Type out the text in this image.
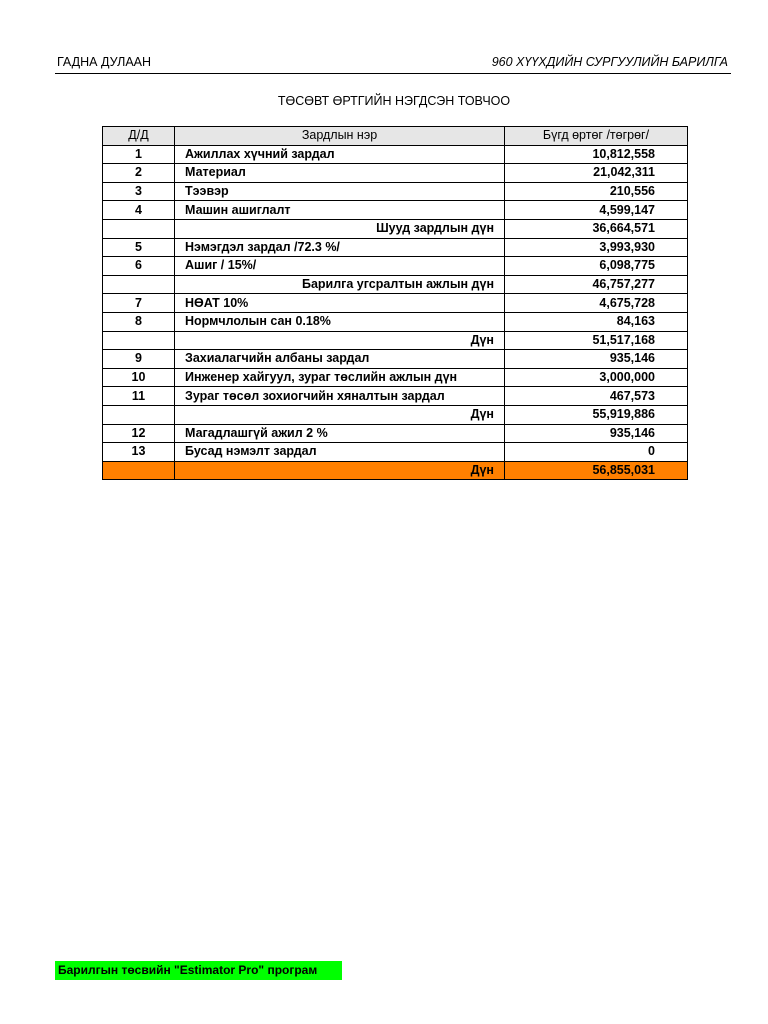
ГАДНА ДУЛААН	960 ХҮҮХДИЙН СУРГУУЛИЙН БАРИЛГА
ТӨСӨВТ ӨРТГИЙН НЭГДСЭН ТОВЧОО
Д/Д	Зардлын нэр	Бүгд өртөг /төгрөг/
1	Ажиллах хүчний зардал	10,812,558
2	Материал	21,042,311
3	Тээвэр	210,556
4	Машин ашиглалт	4,599,147
	Шууд зардлын дүн	36,664,571
5	Нэмэгдэл зардал /72.3 %/	3,993,930
6	Ашиг / 15%/	6,098,775
	Барилга угсралтын ажлын дүн	46,757,277
7	НӨАТ 10%	4,675,728
8	Нормчлолын сан 0.18%	84,163
	Дүн	51,517,168
9	Захиалагчийн албаны зардал	935,146
10	Инженер хайгуул, зураг төслийн ажлын дүн	3,000,000
11	Зураг төсөл зохиогчийн хяналтын зардал	467,573
	Дүн	55,919,886
12	Магадлашгүй ажил 2 %	935,146
13	Бусад нэмэлт зардал	0
	Дүн	56,855,031
Барилгын төсвийн "Estimator Pro" програм
